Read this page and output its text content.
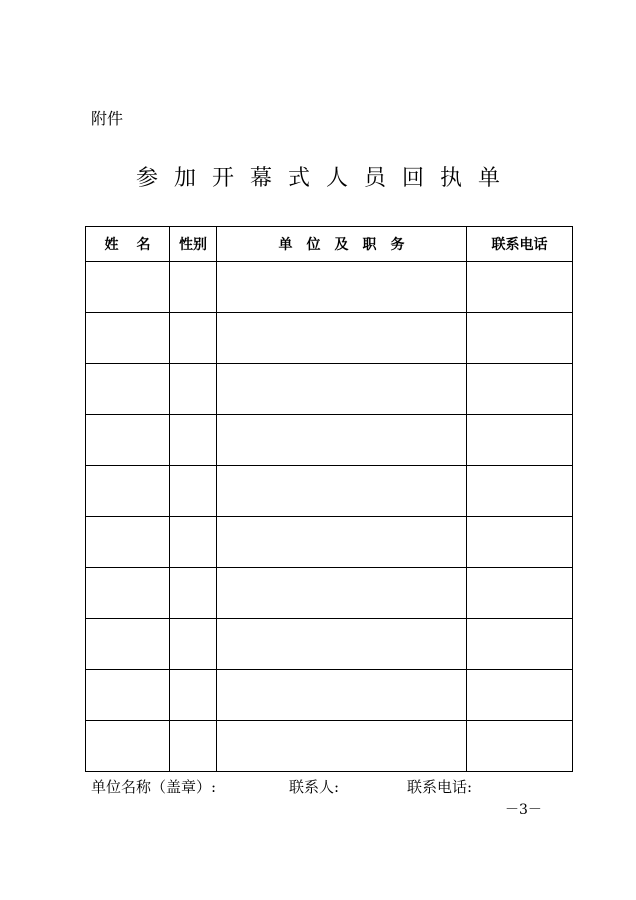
附件
参加开幕式人员回执单
姓名	性别	单位及职务	联系电话

单位名称（盖章）:	联系人:	联系电话:
－3－
